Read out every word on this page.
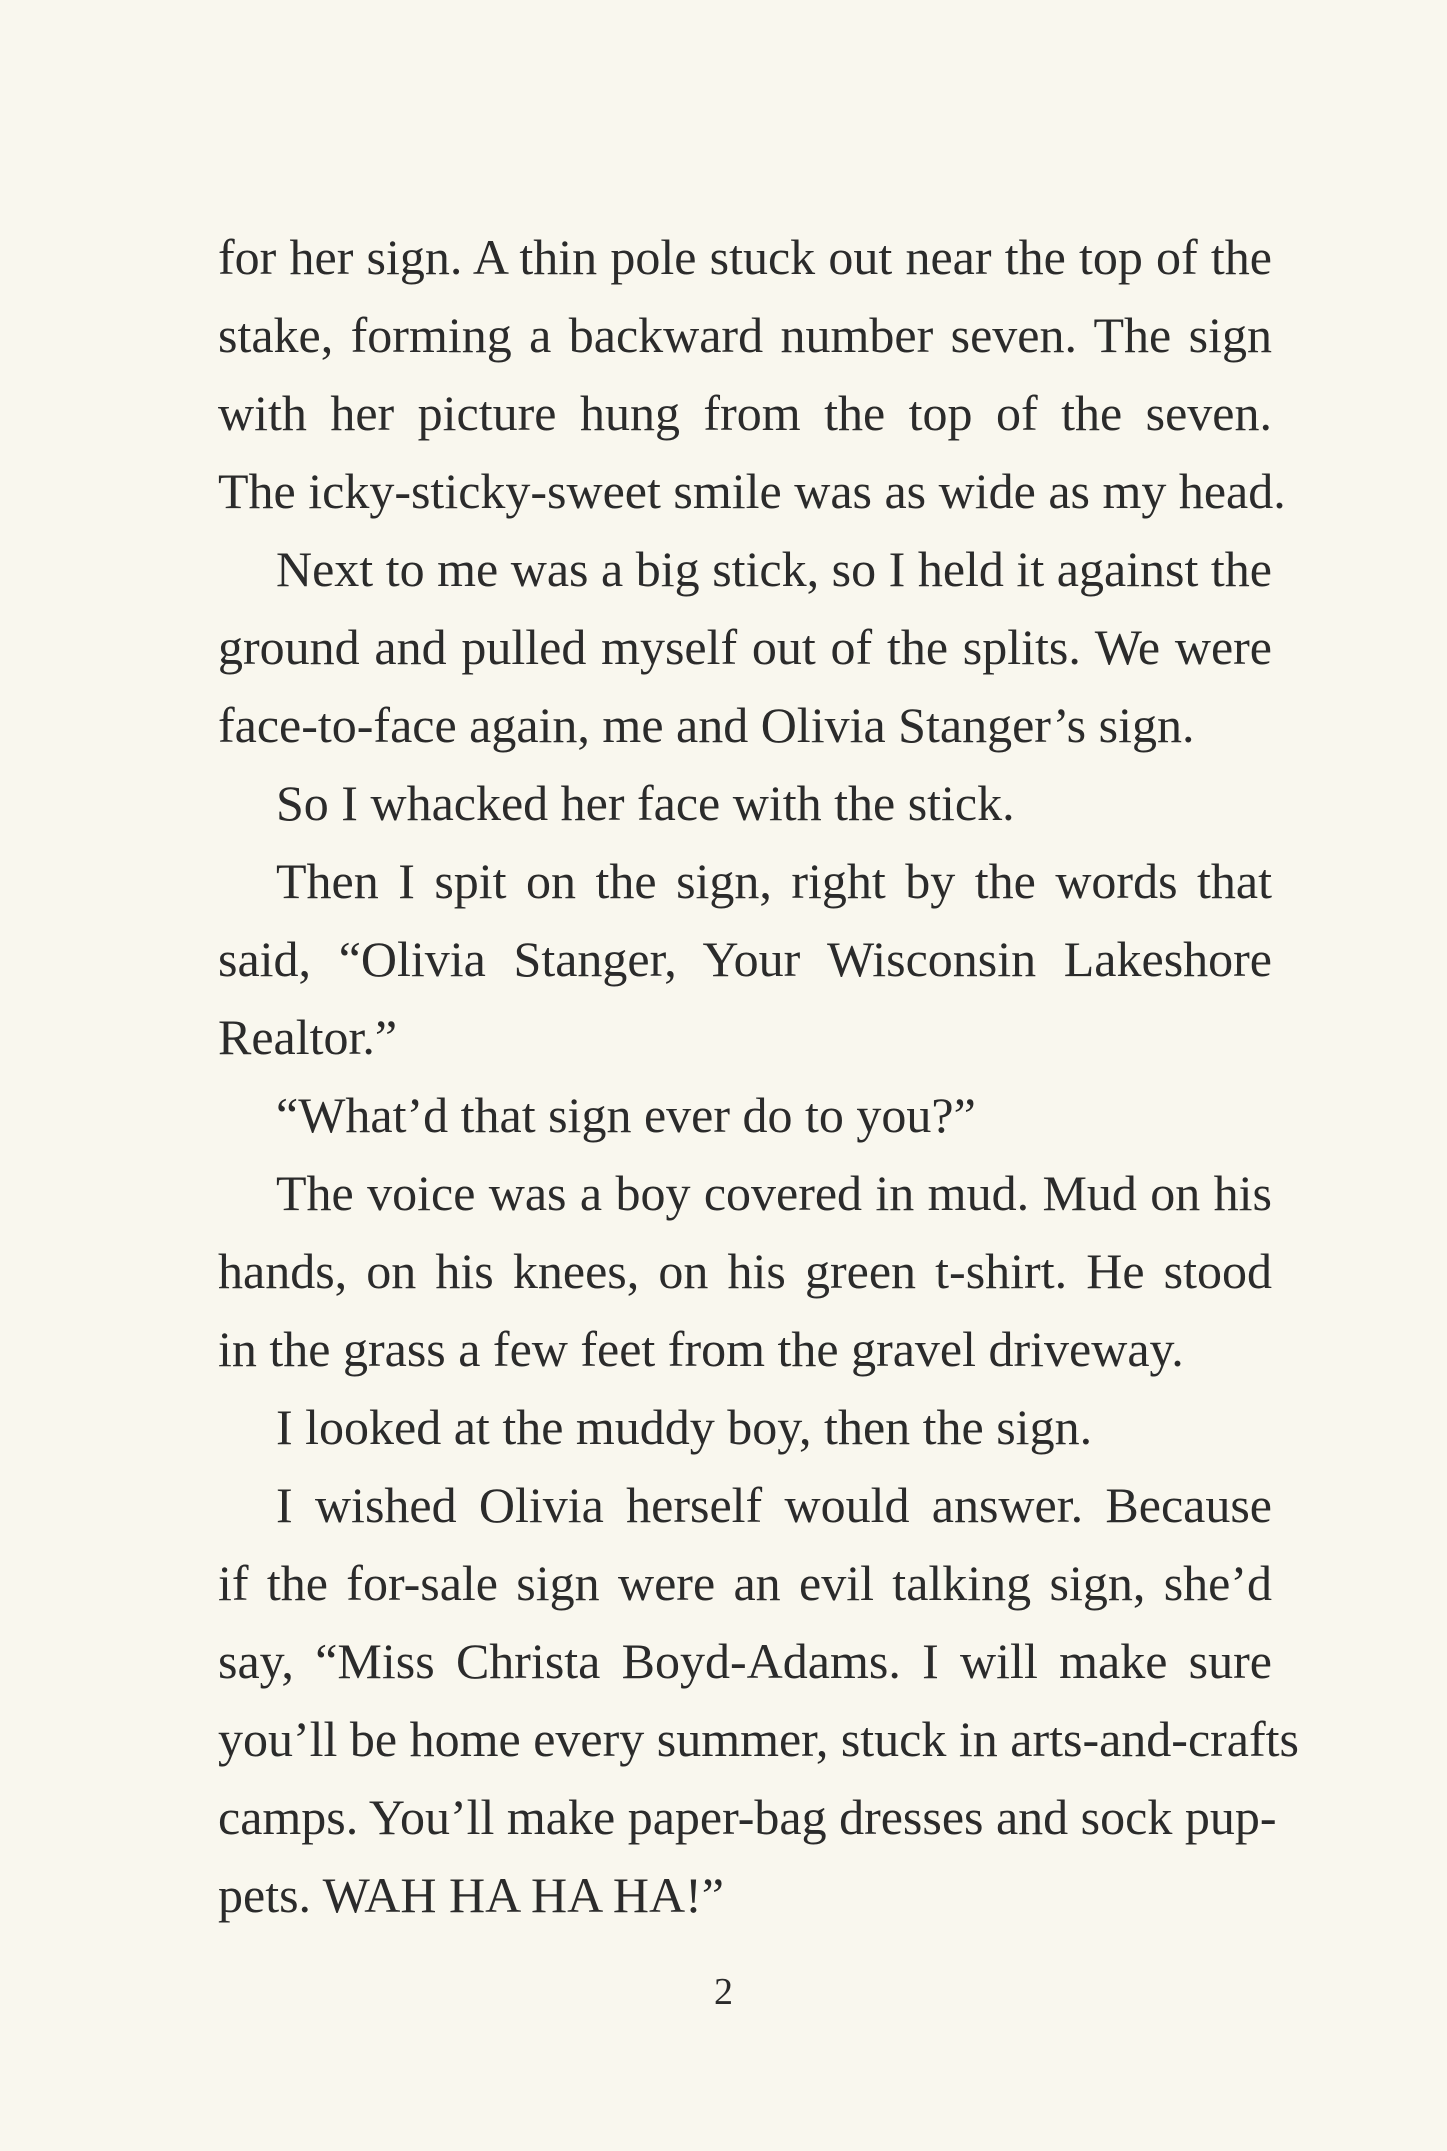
for her sign. A thin pole stuck out near the top of the
stake, forming a backward number seven. The sign
with her picture hung from the top of the seven.
The icky-sticky-sweet smile was as wide as my head.
Next to me was a big stick, so I held it against the
ground and pulled myself out of the splits. We were
face-to-face again, me and Olivia Stanger’s sign.
So I whacked her face with the stick.
Then I spit on the sign, right by the words that
said, “Olivia Stanger, Your Wisconsin Lakeshore
Realtor.”
“What’d that sign ever do to you?”
The voice was a boy covered in mud. Mud on his
hands, on his knees, on his green t-shirt. He stood
in the grass a few feet from the gravel driveway.
I looked at the muddy boy, then the sign.
I wished Olivia herself would answer. Because
if the for-sale sign were an evil talking sign, she’d
say, “Miss Christa Boyd-Adams. I will make sure
you’ll be home every summer, stuck in arts-and-crafts
camps. You’ll make paper-bag dresses and sock pup-
pets. WAH HA HA HA!”
2
